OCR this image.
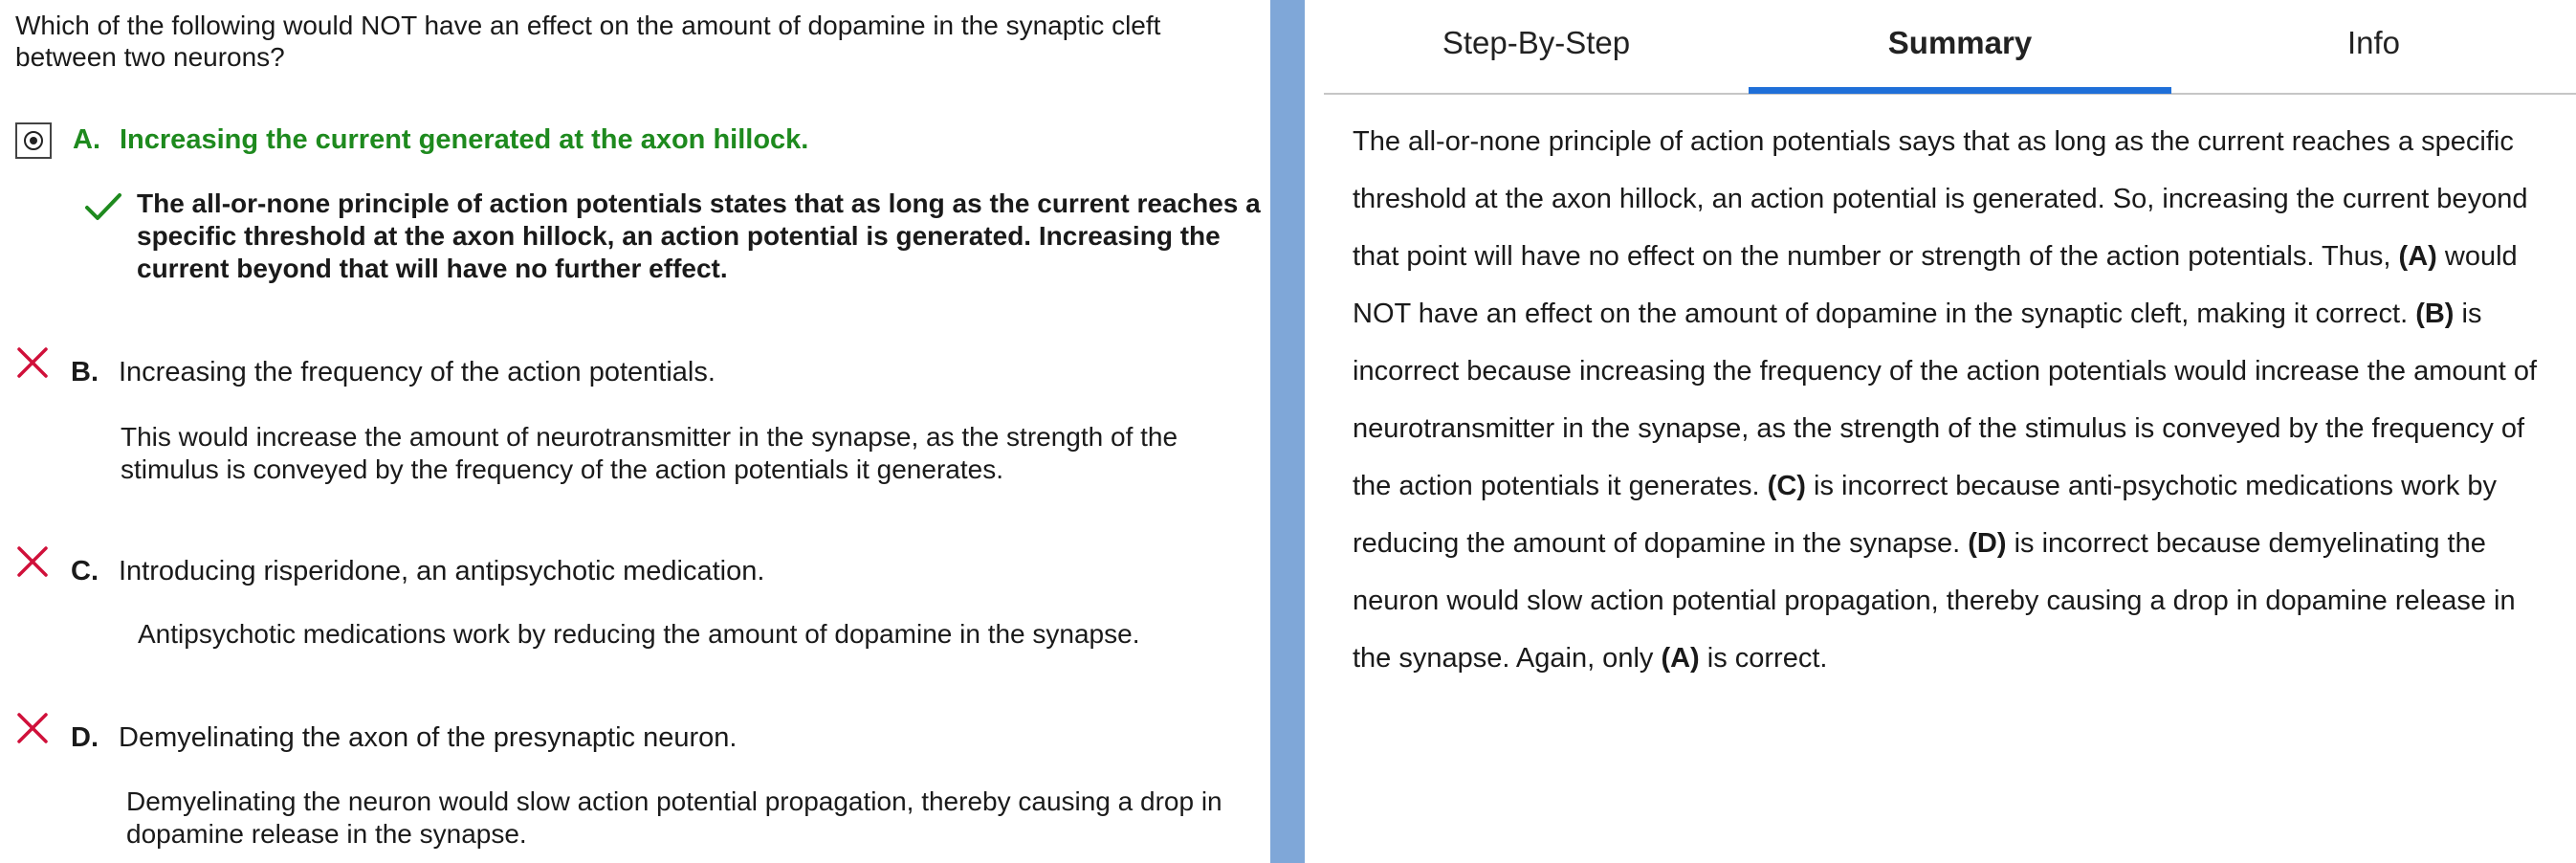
Which of the following would NOT have an effect on the amount of dopamine in the synaptic cleft between two neurons?
A. Increasing the current generated at the axon hillock.
The all-or-none principle of action potentials states that as long as the current reaches a specific threshold at the axon hillock, an action potential is generated. Increasing the current beyond that will have no further effect.
B. Increasing the frequency of the action potentials.
This would increase the amount of neurotransmitter in the synapse, as the strength of the stimulus is conveyed by the frequency of the action potentials it generates.
C. Introducing risperidone, an antipsychotic medication.
Antipsychotic medications work by reducing the amount of dopamine in the synapse.
D. Demyelinating the axon of the presynaptic neuron.
Demyelinating the neuron would slow action potential propagation, thereby causing a drop in dopamine release in the synapse.
Step-By-Step	Summary	Info
The all-or-none principle of action potentials says that as long as the current reaches a specific threshold at the axon hillock, an action potential is generated. So, increasing the current beyond that point will have no effect on the number or strength of the action potentials. Thus, (A) would NOT have an effect on the amount of dopamine in the synaptic cleft, making it correct. (B) is incorrect because increasing the frequency of the action potentials would increase the amount of neurotransmitter in the synapse, as the strength of the stimulus is conveyed by the frequency of the action potentials it generates. (C) is incorrect because anti-psychotic medications work by reducing the amount of dopamine in the synapse. (D) is incorrect because demyelinating the neuron would slow action potential propagation, thereby causing a drop in dopamine release in the synapse. Again, only (A) is correct.
